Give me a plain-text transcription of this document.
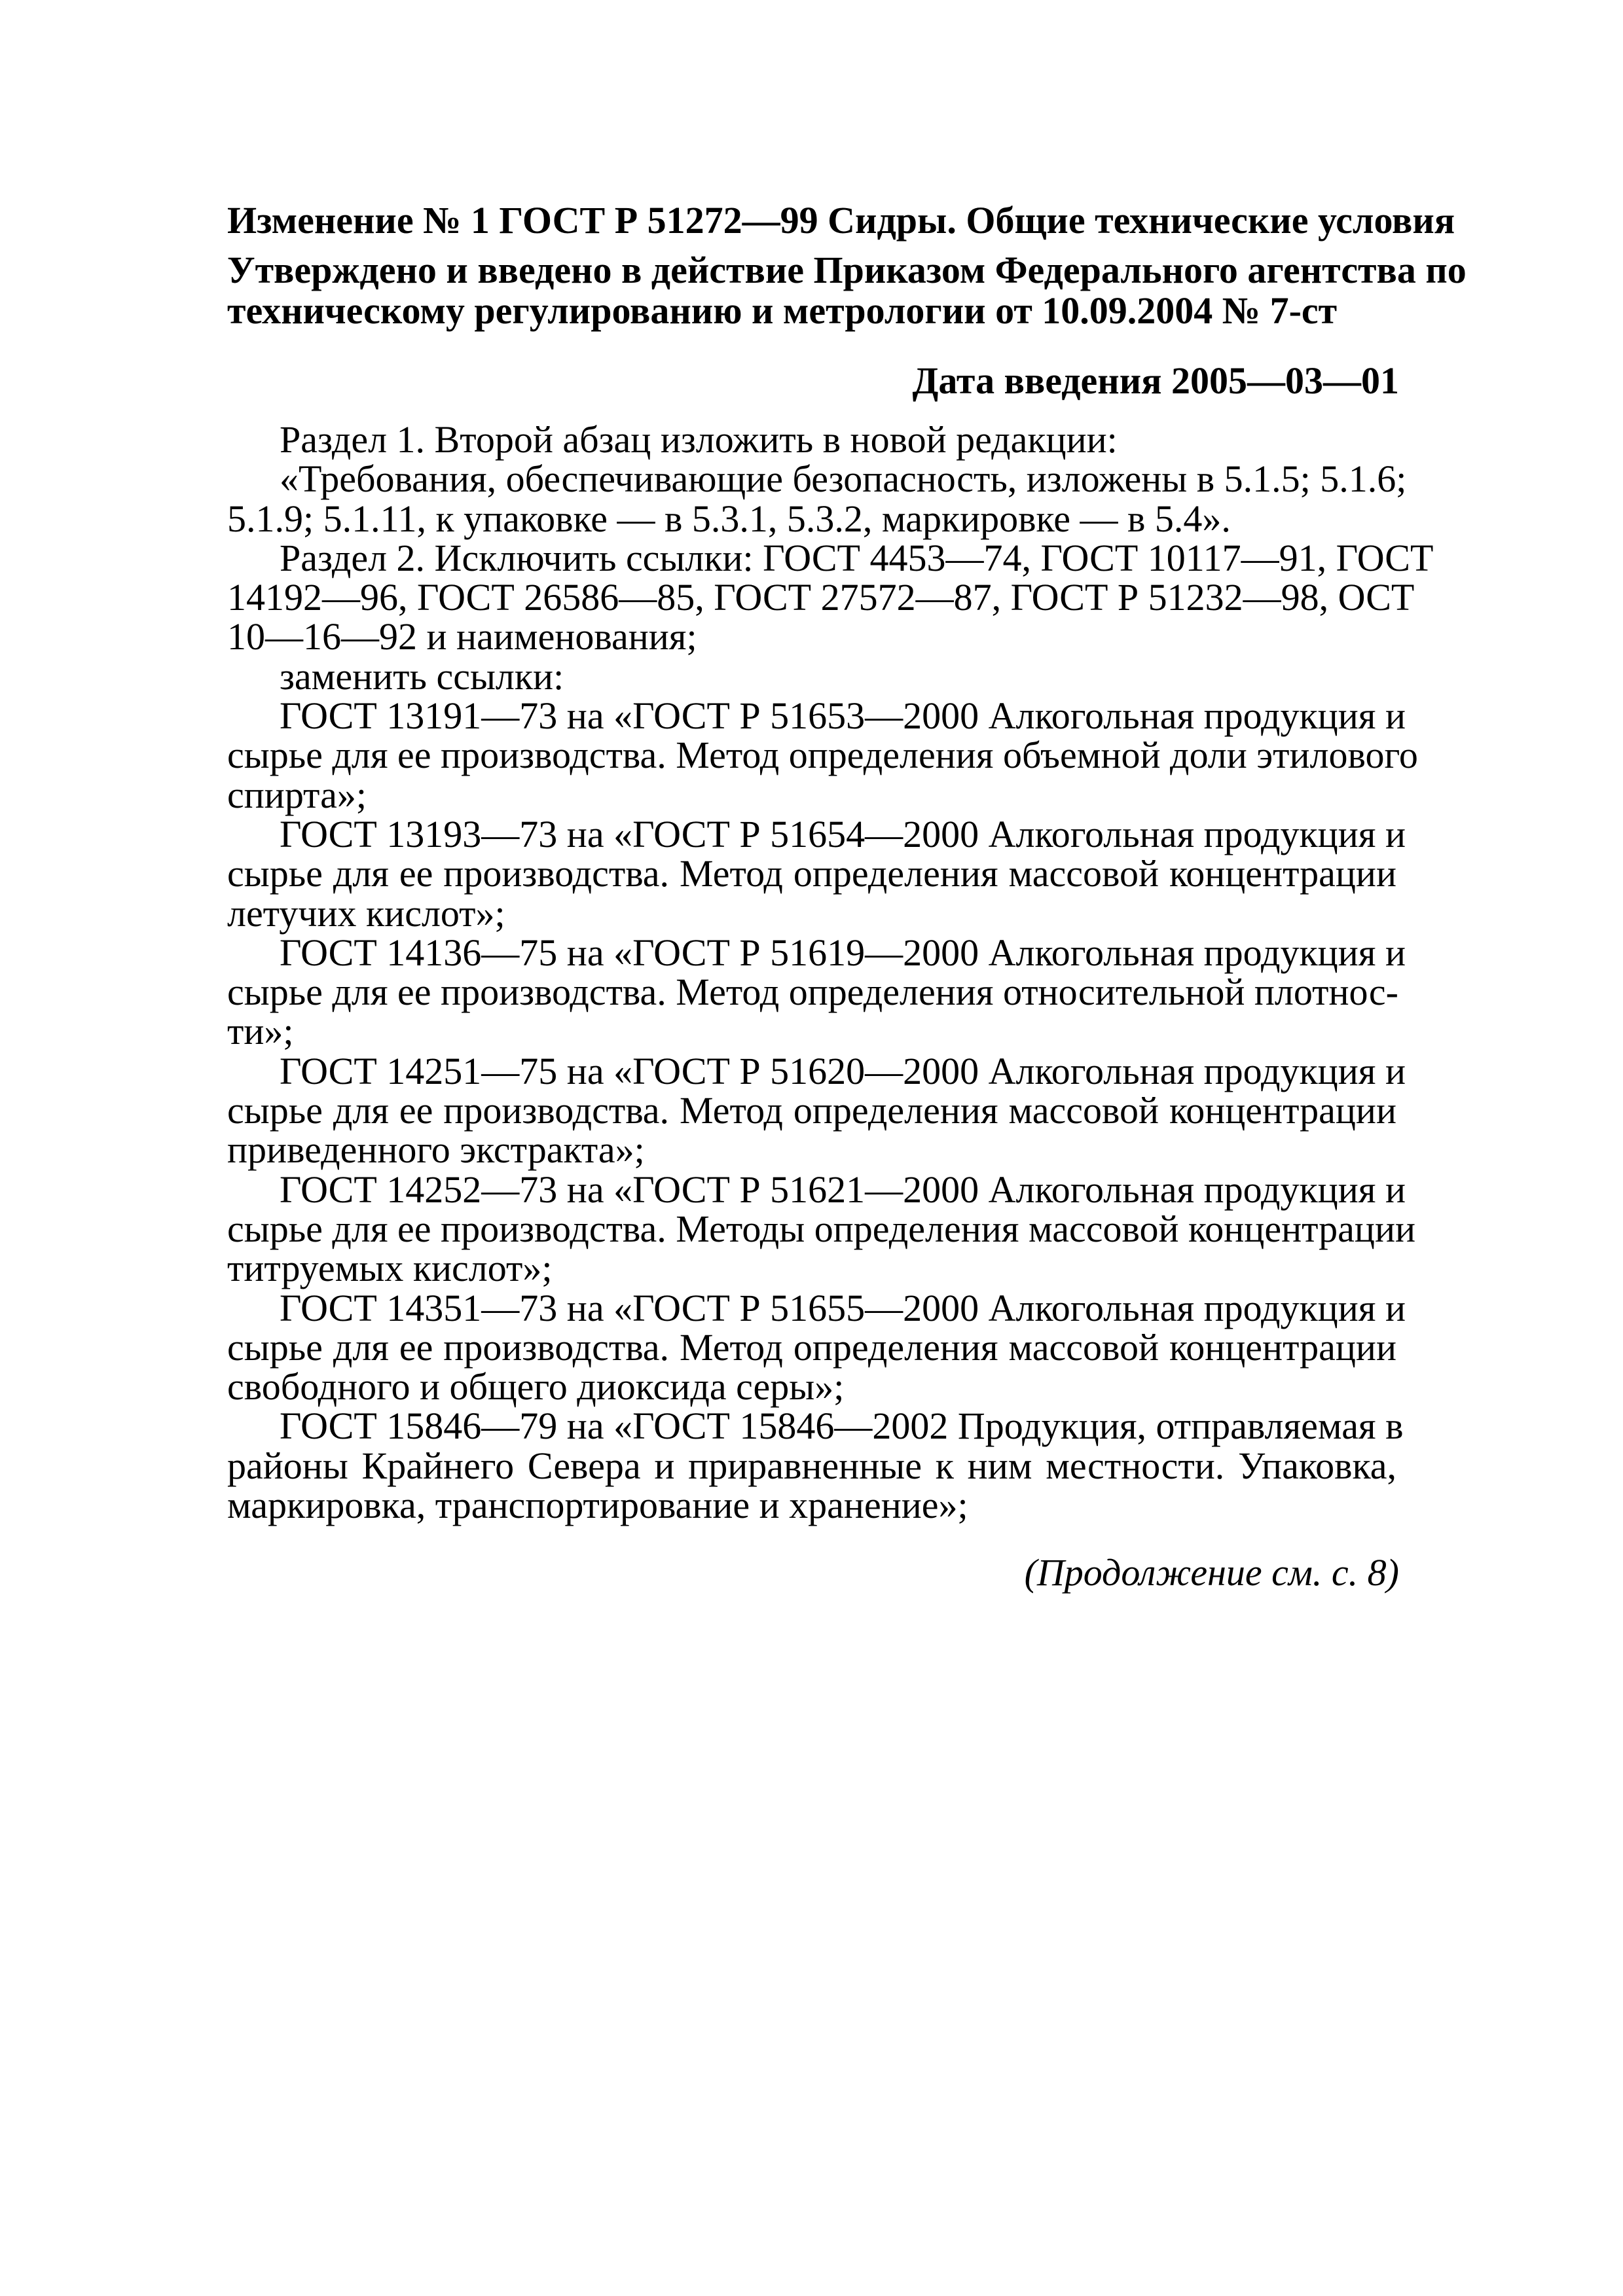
Изменение № 1 ГОСТ Р 51272—99 Сидры. Общие технические условия
Утверждено и введено в действие Приказом Федерального агентства по
техническому регулированию и метрологии от 10.09.2004 № 7-ст
Дата введения 2005—03—01
Раздел 1. Второй абзац изложить в новой редакции:
«Требования, обеспечивающие безопасность, изложены в 5.1.5; 5.1.6;
5.1.9; 5.1.11, к упаковке — в 5.3.1, 5.3.2, маркировке — в 5.4».
Раздел 2. Исключить ссылки: ГОСТ 4453—74, ГОСТ 10117—91, ГОСТ
14192—96, ГОСТ 26586—85, ГОСТ 27572—87, ГОСТ Р 51232—98, ОСТ
10—16—92 и наименования;
заменить ссылки:
ГОСТ 13191—73 на «ГОСТ Р 51653—2000 Алкогольная продукция и
сырье для ее производства. Метод определения объемной доли этилового
спирта»;
ГОСТ 13193—73 на «ГОСТ Р 51654—2000 Алкогольная продукция и
сырье для ее производства. Метод определения массовой концентрации
летучих кислот»;
ГОСТ 14136—75 на «ГОСТ Р 51619—2000 Алкогольная продукция и
сырье для ее производства. Метод определения относительной плотнос-
ти»;
ГОСТ 14251—75 на «ГОСТ Р 51620—2000 Алкогольная продукция и
сырье для ее производства. Метод определения массовой концентрации
приведенного экстракта»;
ГОСТ 14252—73 на «ГОСТ Р 51621—2000 Алкогольная продукция и
сырье для ее производства. Методы определения массовой концентрации
титруемых кислот»;
ГОСТ 14351—73 на «ГОСТ Р 51655—2000 Алкогольная продукция и
сырье для ее производства. Метод определения массовой концентрации
свободного и общего диоксида серы»;
ГОСТ 15846—79 на «ГОСТ 15846—2002 Продукция, отправляемая в
районы Крайнего Севера и приравненные к ним местности. Упаковка,
маркировка, транспортирование и хранение»;
(Продолжение см. с. 8)
